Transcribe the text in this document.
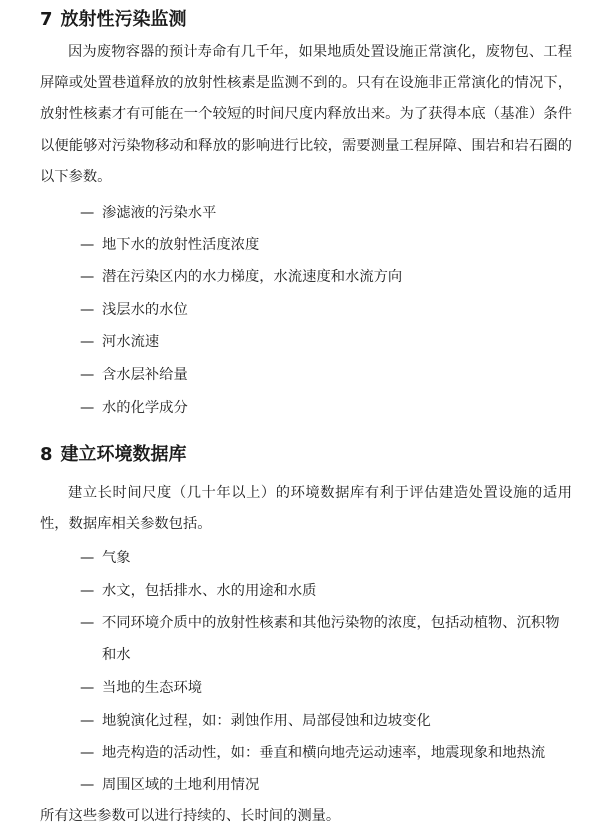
7 放射性污染监测

因为废物容器的预计寿命有几千年，如果地质处置设施正常演化，废物包、工程屏障或处置巷道释放的放射性核素是监测不到的。只有在设施非正常演化的情况下，放射性核素才有可能在一个较短的时间尺度内释放出来。为了获得本底（基准）条件以便能够对污染物移动和释放的影响进行比较，需要测量工程屏障、围岩和岩石圈的以下参数。

— 渗滤液的污染水平
— 地下水的放射性活度浓度
— 潜在污染区内的水力梯度，水流速度和水流方向
— 浅层水的水位
— 河水流速
— 含水层补给量
— 水的化学成分
8 建立环境数据库

建立长时间尺度（几十年以上）的环境数据库有利于评估建造处置设施的适用性，数据库相关参数包括。

— 气象
— 水文，包括排水、水的用途和水质
— 不同环境介质中的放射性核素和其他污染物的浓度，包括动植物、沉积物和水
— 当地的生态环境
— 地貌演化过程，如：剥蚀作用、局部侵蚀和边坡变化
— 地壳构造的活动性，如：垂直和横向地壳运动速率，地震现象和地热流
— 周围区域的土地利用情况

所有这些参数可以进行持续的、长时间的测量。
